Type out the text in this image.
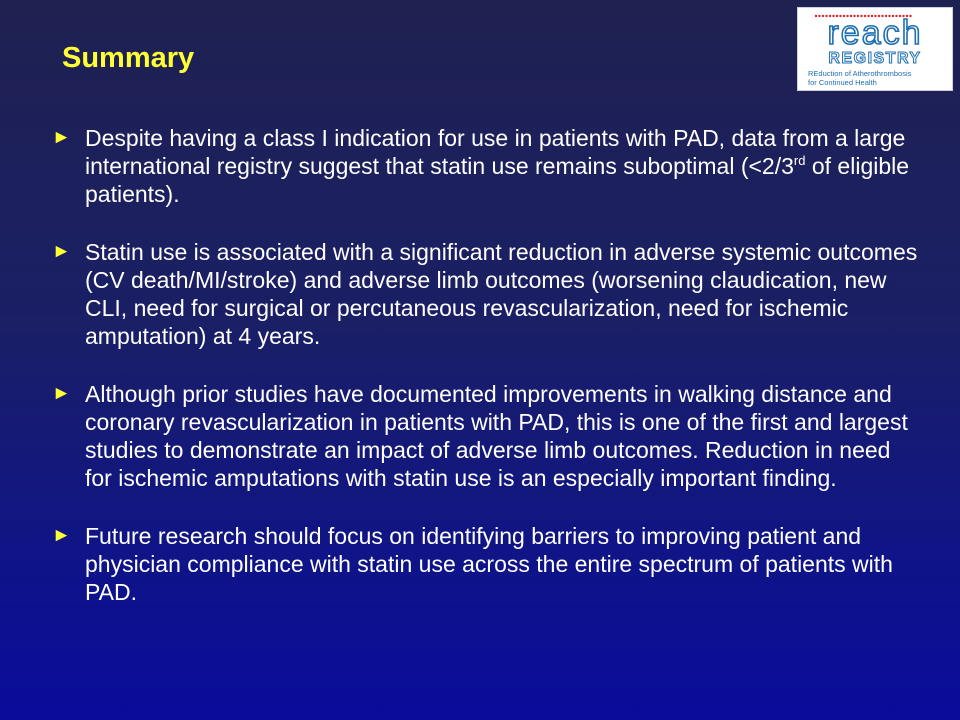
Summary
reach
REGISTRY
REduction of Atherothrombosis
for Continued Health
► Despite having a class I indication for use in patients with PAD, data from a large international registry suggest that statin use remains suboptimal (<2/3rd of eligible patients).
► Statin use is associated with a significant reduction in adverse systemic outcomes (CV death/MI/stroke) and adverse limb outcomes (worsening claudication, new CLI, need for surgical or percutaneous revascularization, need for ischemic amputation) at 4 years.
► Although prior studies have documented improvements in walking distance and coronary revascularization in patients with PAD, this is one of the first and largest studies to demonstrate an impact of adverse limb outcomes. Reduction in need for ischemic amputations with statin use is an especially important finding.
► Future research should focus on identifying barriers to improving patient and physician compliance with statin use across the entire spectrum of patients with PAD.
